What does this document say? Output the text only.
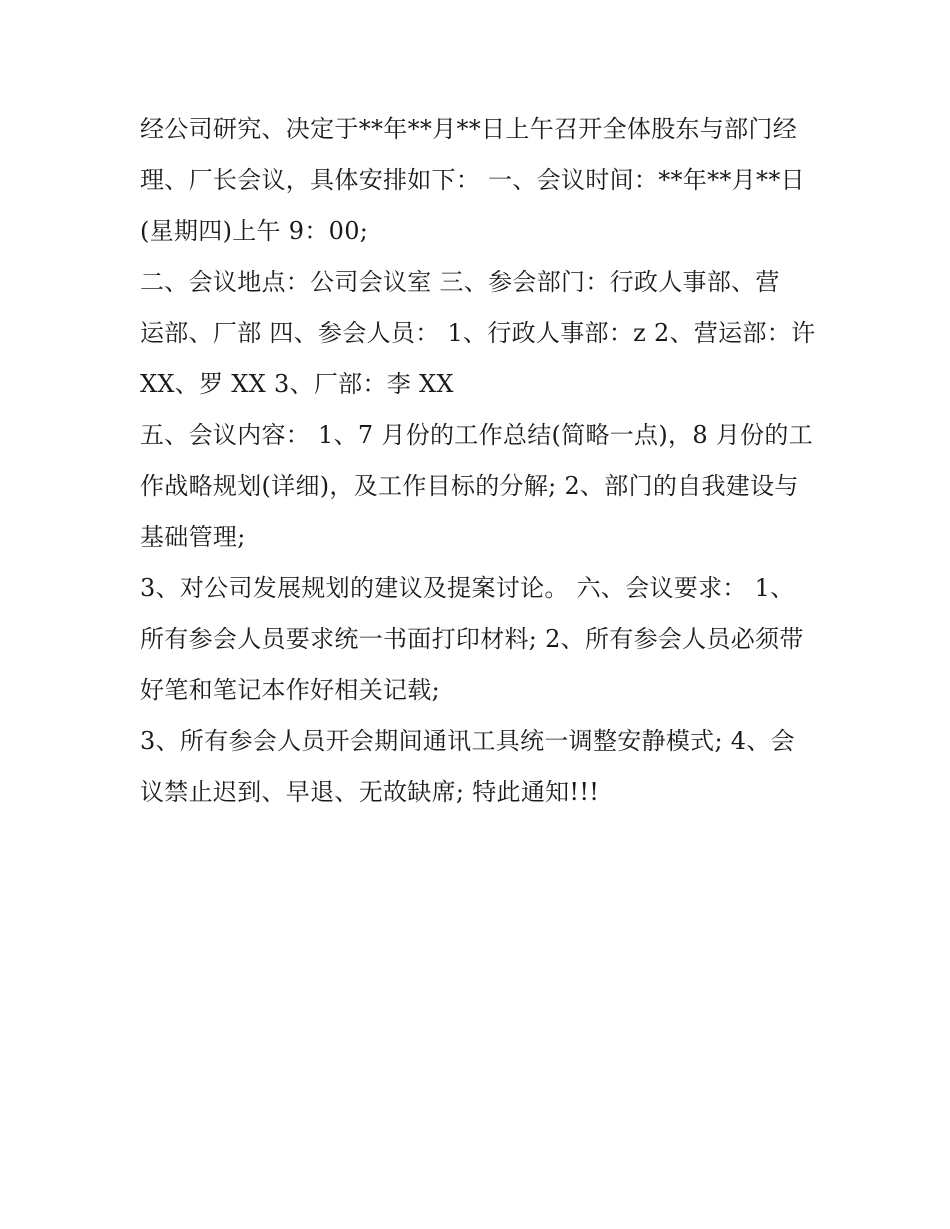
经公司研究、决定于**年**月**日上午召开全体股东与部门经
理、厂长会议，具体安排如下： 一、会议时间：**年**月**日
(星期四)上午 9：00;
二、会议地点：公司会议室 三、参会部门：行政人事部、营
运部、厂部 四、参会人员： 1、行政人事部：z 2、营运部：许
XX、罗 XX 3、厂部：李 XX
五、会议内容： 1、7 月份的工作总结(简略一点)，8 月份的工
作战略规划(详细)，及工作目标的分解; 2、部门的自我建设与
基础管理;
3、对公司发展规划的建议及提案讨论。 六、会议要求： 1、
所有参会人员要求统一书面打印材料; 2、所有参会人员必须带
好笔和笔记本作好相关记载;
3、所有参会人员开会期间通讯工具统一调整安静模式; 4、会
议禁止迟到、早退、无故缺席; 特此通知!!!
